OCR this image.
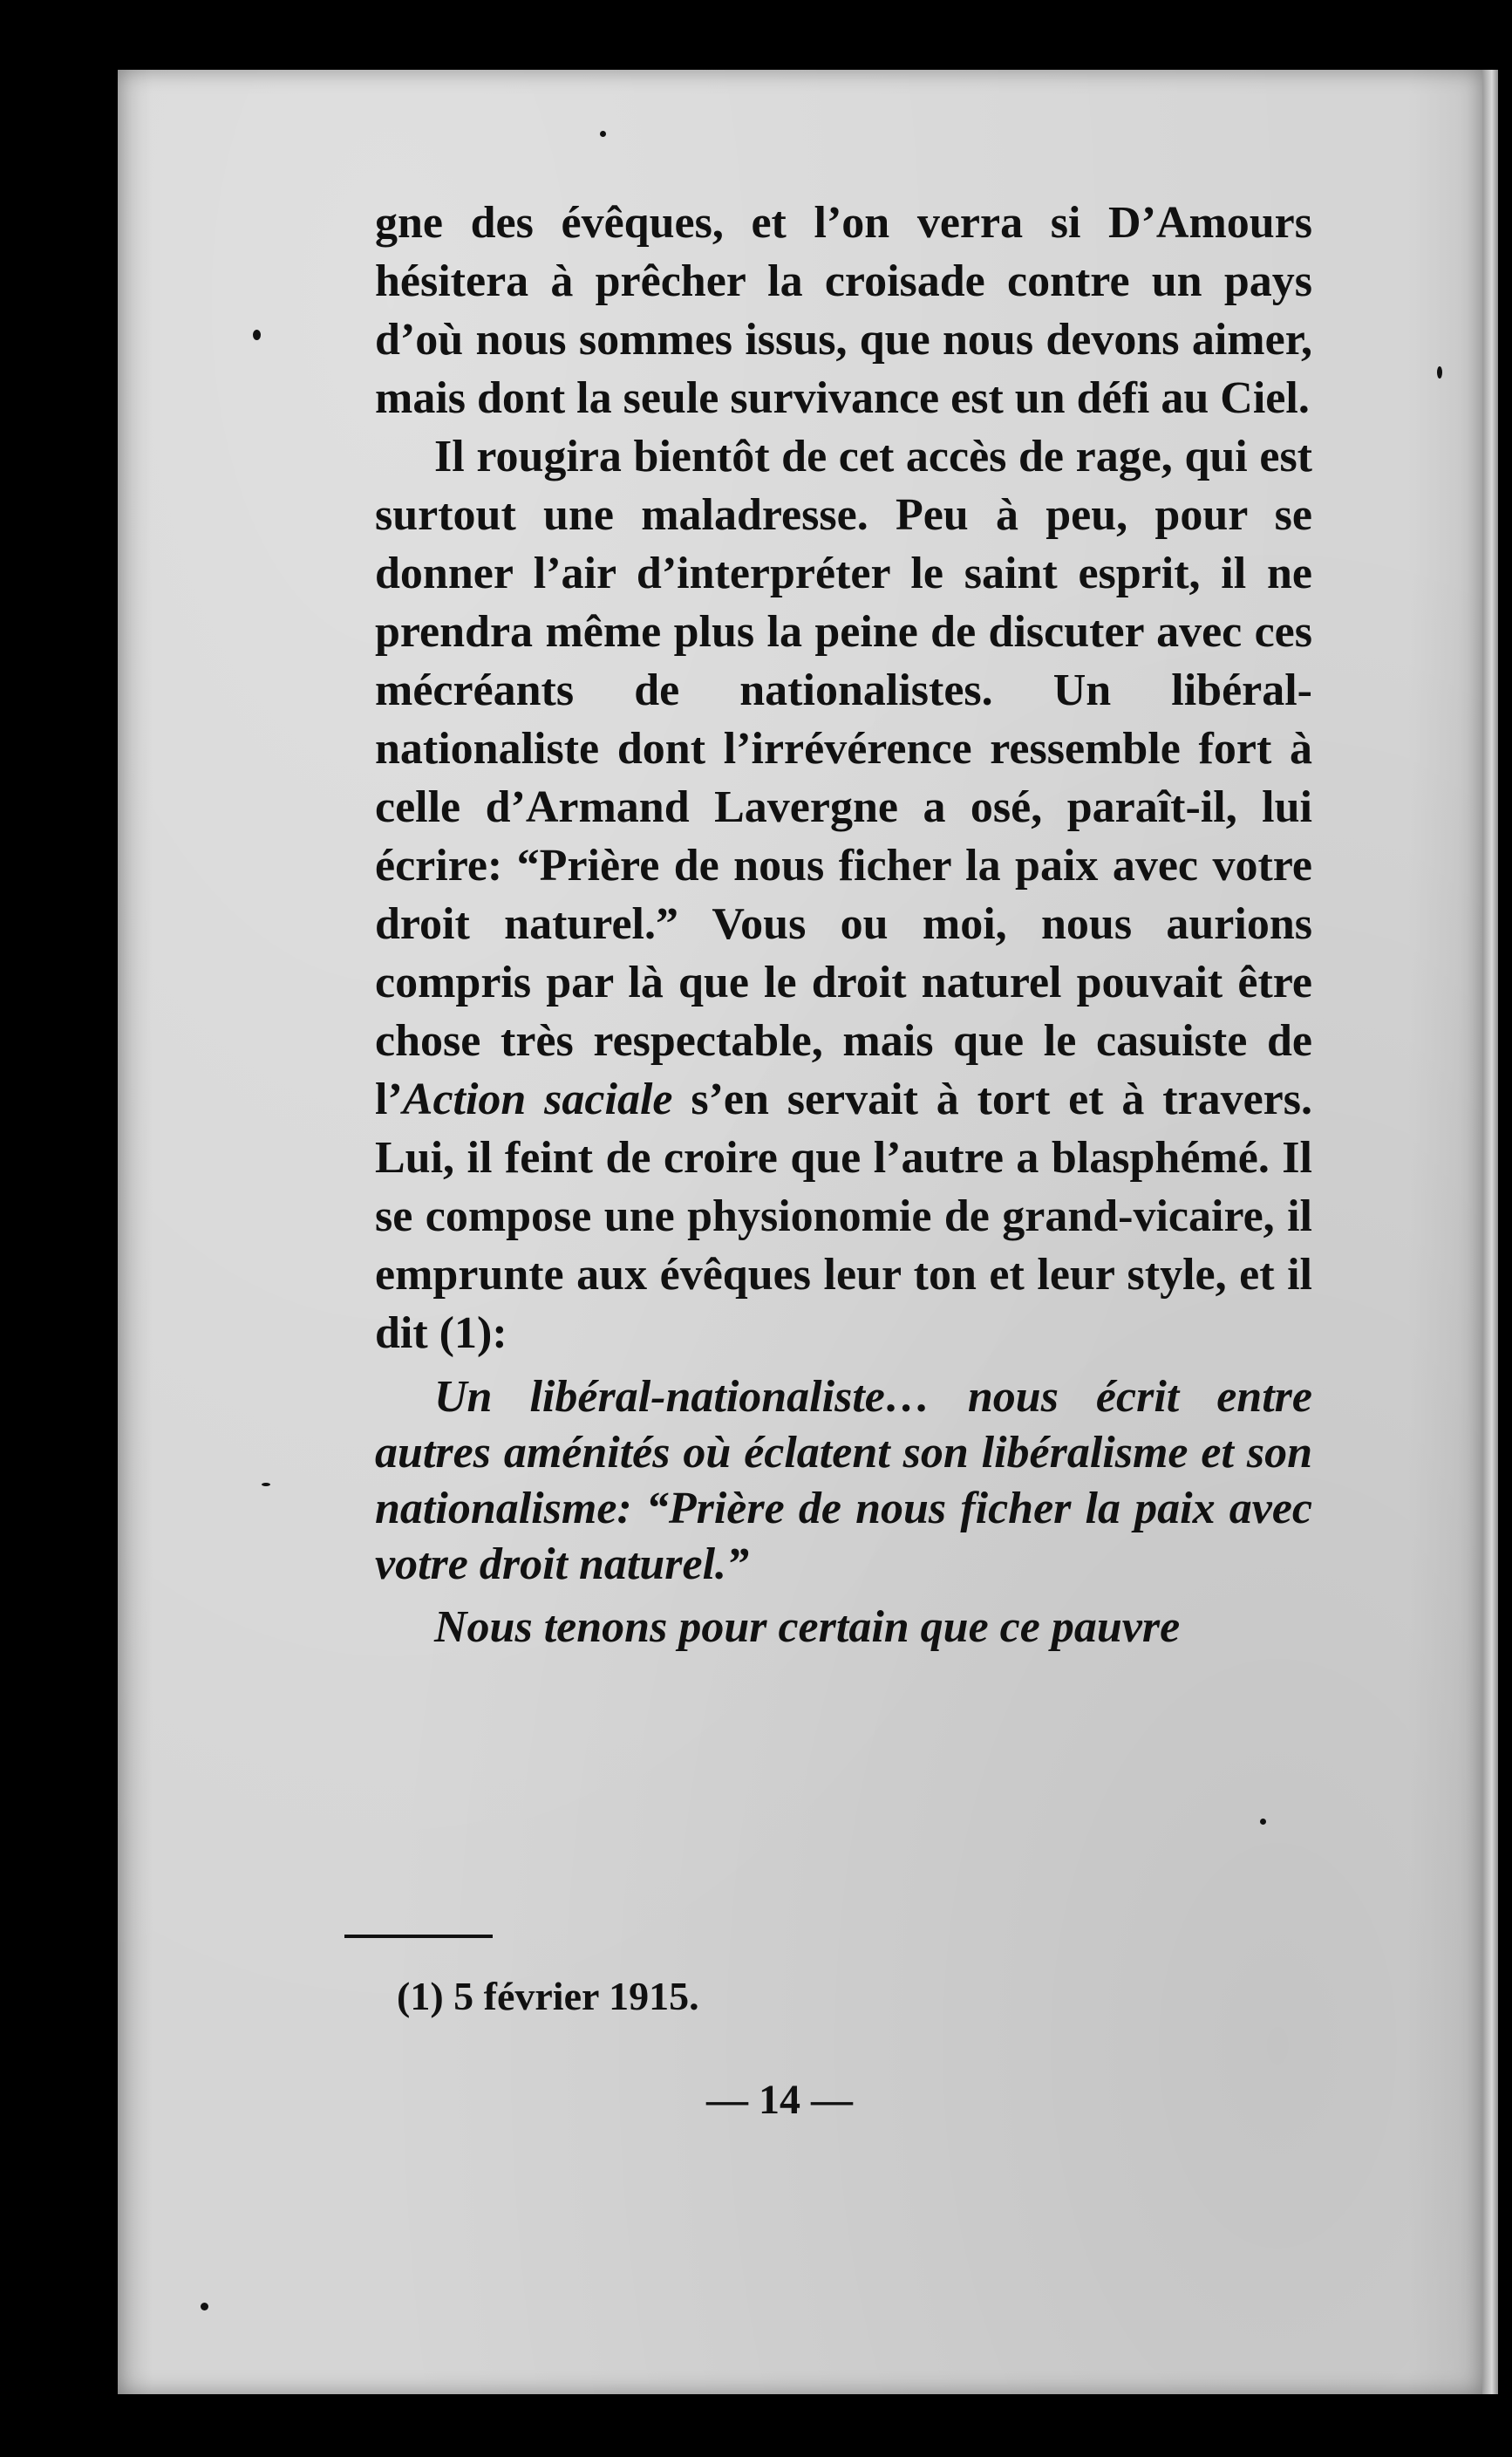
gne des évêques, et l’on verra si D’Amours hésitera à prêcher la croisade contre un pays d’où nous sommes issus, que nous devons aimer, mais dont la seule survivance est un défi au Ciel.

Il rougira bientôt de cet accès de rage, qui est surtout une maladresse. Peu à peu, pour se donner l’air d’interpréter le saint esprit, il ne prendra même plus la peine de discuter avec ces mécréants de nationalistes. Un libéral-nationaliste dont l’irrévérence ressemble fort à celle d’Armand Lavergne a osé, paraît-il, lui écrire: “Prière de nous ficher la paix avec votre droit naturel.” Vous ou moi, nous aurions compris par là que le droit naturel pouvait être chose très respectable, mais que le casuiste de l’Action saciale s’en servait à tort et à travers. Lui, il feint de croire que l’autre a blasphémé. Il se compose une physionomie de grand-vicaire, il emprunte aux évêques leur ton et leur style, et il dit (1):

Un libéral-nationaliste… nous écrit entre autres aménités où éclatent son libéralisme et son nationalisme: “Prière de nous ficher la paix avec votre droit naturel.”

Nous tenons pour certain que ce pauvre

(1) 5 février 1915.
— 14 —
